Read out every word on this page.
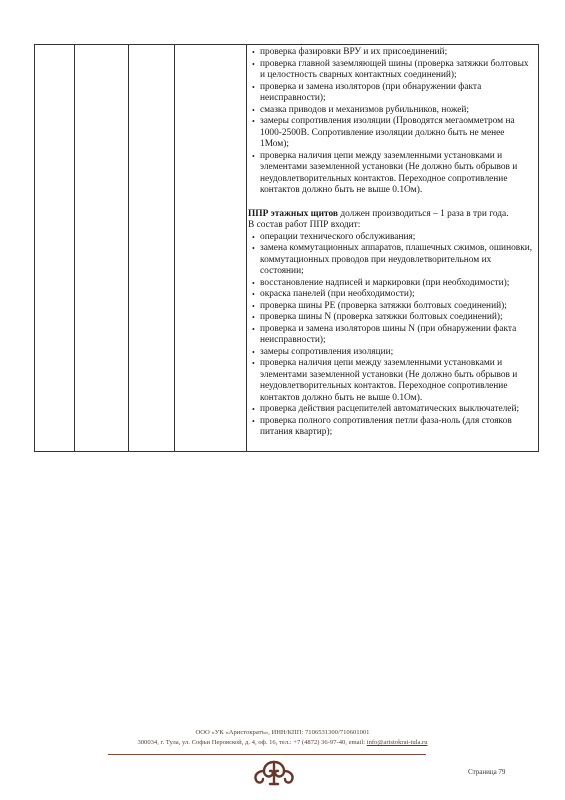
• проверка фазировки ВРУ и их присоединений;
• проверка главной заземляющей шины (проверка затяжки болтовых и целостность сварных контактных соединений);
• проверка и замена изоляторов (при обнаружении факта неисправности);
• смазка приводов и механизмов рубильников, ножей;
• замеры сопротивления изоляции (Проводятся мегаомметром на 1000-2500В. Сопротивление изоляции должно быть не менее 1Мом);
• проверка наличия цепи между заземленными установками и элементами заземленной установки (Не должно быть обрывов и неудовлетворительных контактов. Переходное сопротивление контактов должно быть не выше 0.1Ом).

ППР этажных щитов должен производиться – 1 раза в три года.

В состав работ ППР входит:

• операции технического обслуживания;
• замена коммутационных аппаратов, плашечных сжимов, ошиновки, коммутационных проводов при неудовлетворительном их состоянии;
• восстановление надписей и маркировки (при необходимости);
• окраска панелей (при необходимости);
• проверка шины PE (проверка затяжки болтовых соединений);
• проверка шины N (проверка затяжки болтовых соединений);
• проверка и замена изоляторов шины N (при обнаружении факта неисправности);
• замеры сопротивления изоляции;
• проверка наличия цепи между заземленными установками и элементами заземленной установки (Не должно быть обрывов и неудовлетворительных контактов. Переходное сопротивление контактов должно быть не выше 0.1Ом).
• проверка действия расцепителей автоматических выключателей;
• проверка полного сопротивления петли фаза-ноль (для стояков питания квартир);
ООО «УК «Аристократъ», ИНН/КПП: 7106531300/710601001
300034, г. Тула, ул. Софьи Перовской, д. 4, оф. 16, тел.: +7 (4872) 36-97-40, email: info@aristokrat-tula.ru
Страница 79
